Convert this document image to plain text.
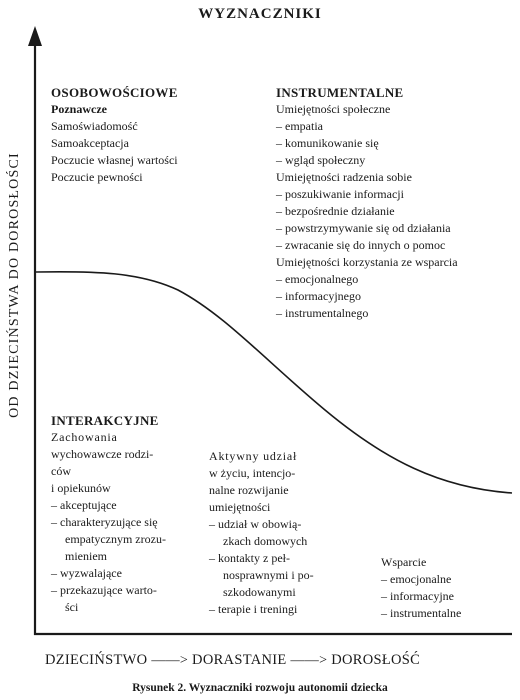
WYZNACZNIKI
OD DZIECIŃSTWA DO DOROSŁOŚCI
OSOBOWOŚCIOWE
Poznawcze
Samoświadomość
Samoakceptacja
Poczucie własnej wartości
Poczucie pewności
INSTRUMENTALNE
Umiejętności społeczne
– empatia
– komunikowanie się
– wgląd społeczny
Umiejętności radzenia sobie
– poszukiwanie informacji
– bezpośrednie działanie
– powstrzymywanie się od działania
– zwracanie się do innych o pomoc
Umiejętności korzystania ze wsparcia
– emocjonalnego
– informacyjnego
– instrumentalnego
INTERAKCYJNE
Zachowania
wychowawcze rodzi-
ców
i opiekunów
– akceptujące
– charakteryzujące się
empatycznym zrozu-
mieniem
– wyzwalające
– przekazujące warto-
ści
Aktywny udział
w życiu, intencjo-
nalne rozwijanie
umiejętności
– udział w obowią-
zkach domowych
– kontakty z peł-
nosprawnymi i po-
szkodowanymi
– terapie i treningi
Wsparcie
– emocjonalne
– informacyjne
– instrumentalne
DZIECIŃSTWO ——> DORASTANIE ——> DOROSŁOŚĆ
Rysunek 2. Wyznaczniki rozwoju autonomii dziecka
